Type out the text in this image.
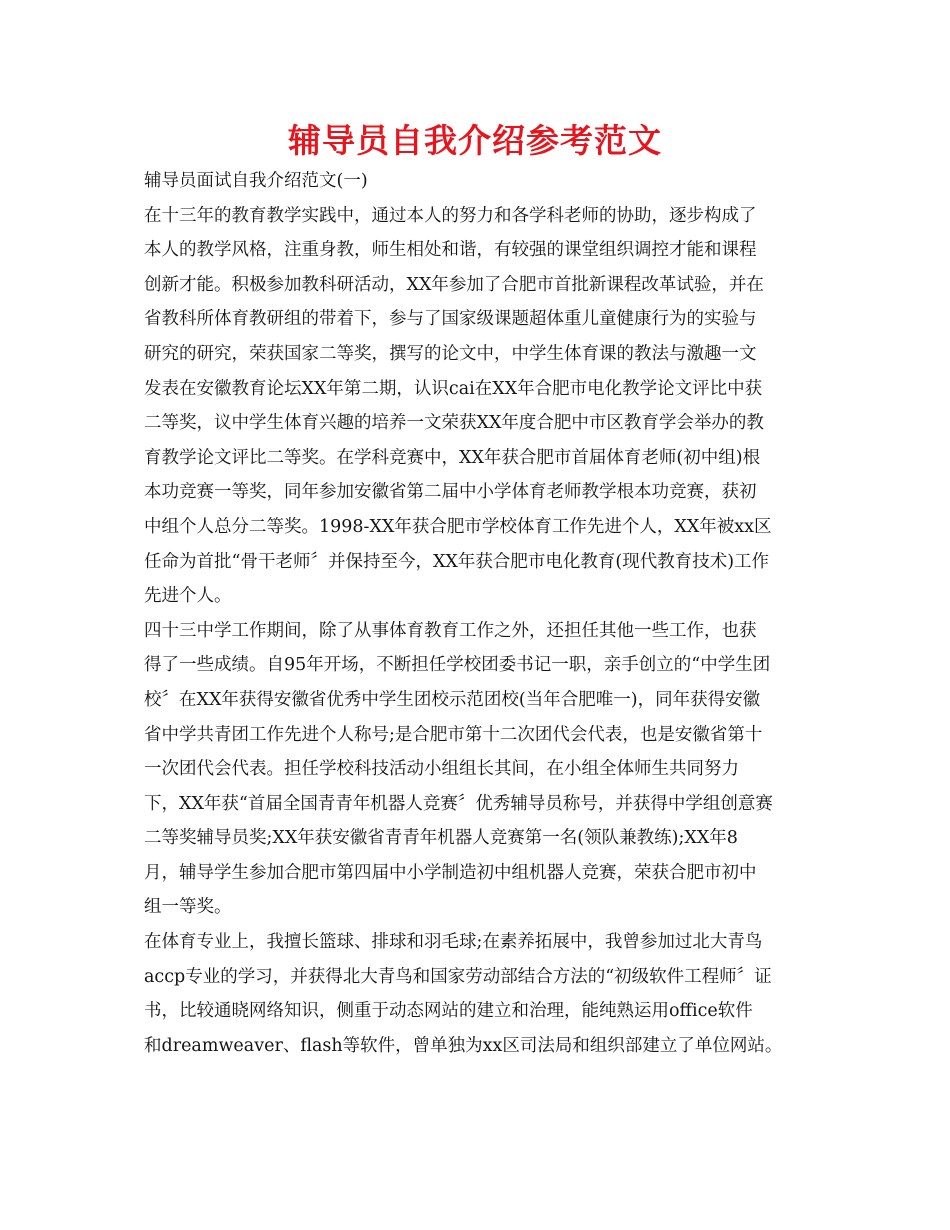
辅导员自我介绍参考范文
辅导员面试自我介绍范文(一)
在十三年的教育教学实践中，通过本人的努力和各学科老师的协助，逐步构成了
本人的教学风格，注重身教，师生相处和谐，有较强的课堂组织调控才能和课程
创新才能。积极参加教科研活动，XX年参加了合肥市首批新课程改革试验，并在
省教科所体育教研组的带着下，参与了国家级课题超体重儿童健康行为的实验与
研究的研究，荣获国家二等奖，撰写的论文中，中学生体育课的教法与激趣一文
发表在安徽教育论坛XX年第二期，认识cai在XX年合肥市电化教学论文评比中获
二等奖，议中学生体育兴趣的培养一文荣获XX年度合肥中市区教育学会举办的教
育教学论文评比二等奖。在学科竞赛中，XX年获合肥市首届体育老师(初中组)根
本功竞赛一等奖，同年参加安徽省第二届中小学体育老师教学根本功竞赛，获初
中组个人总分二等奖。1998-XX年获合肥市学校体育工作先进个人，XX年被xx区
任命为首批“骨干老师〞并保持至今，XX年获合肥市电化教育(现代教育技术)工作
先进个人。
四十三中学工作期间，除了从事体育教育工作之外，还担任其他一些工作，也获
得了一些成绩。自95年开场，不断担任学校团委书记一职，亲手创立的“中学生团
校〞在XX年获得安徽省优秀中学生团校示范团校(当年合肥唯一)，同年获得安徽
省中学共青团工作先进个人称号;是合肥市第十二次团代会代表，也是安徽省第十
一次团代会代表。担任学校科技活动小组组长其间，在小组全体师生共同努力
下，XX年获“首届全国青青年机器人竞赛〞优秀辅导员称号，并获得中学组创意赛
二等奖辅导员奖;XX年获安徽省青青年机器人竞赛第一名(领队兼教练);XX年8
月，辅导学生参加合肥市第四届中小学制造初中组机器人竞赛，荣获合肥市初中
组一等奖。
在体育专业上，我擅长篮球、排球和羽毛球;在素养拓展中，我曾参加过北大青鸟
accp专业的学习，并获得北大青鸟和国家劳动部结合方法的“初级软件工程师〞证
书，比较通晓网络知识，侧重于动态网站的建立和治理，能纯熟运用office软件
和dreamweaver、flash等软件，曾单独为xx区司法局和组织部建立了单位网站。
